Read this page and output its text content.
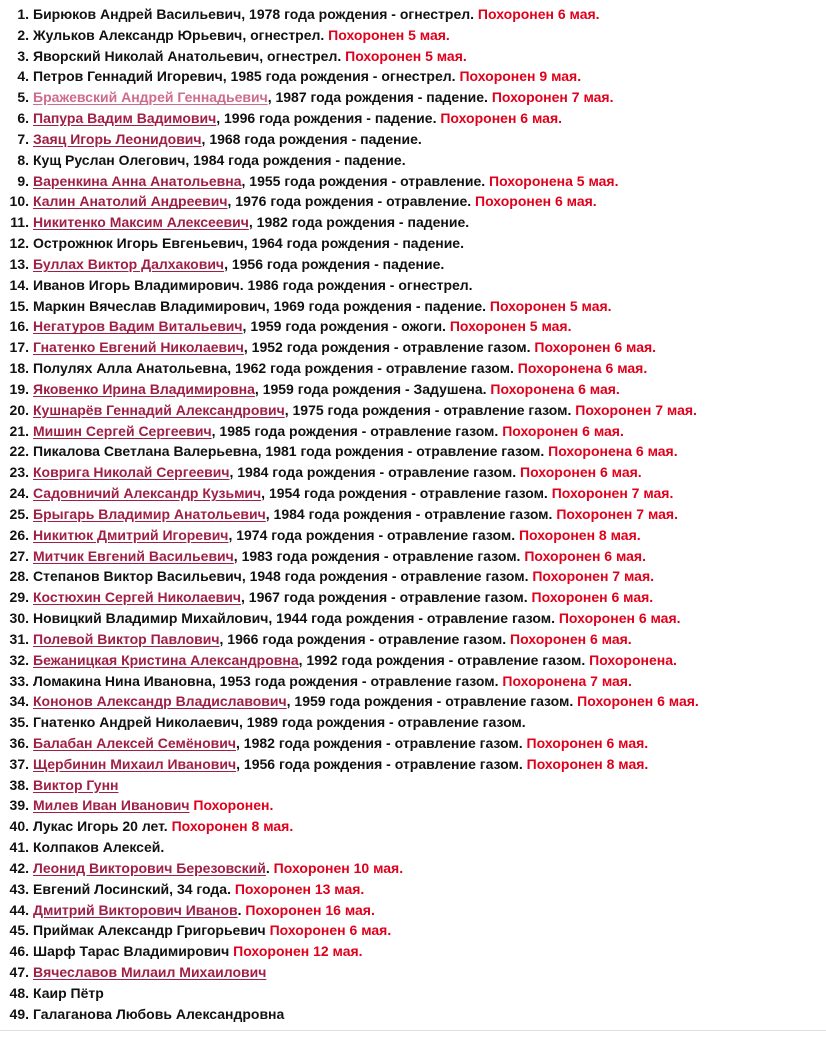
1. Бирюков Андрей Васильевич, 1978 года рождения - огнестрел. Похоронен 6 мая.
2. Жульков Александр Юрьевич, огнестрел. Похоронен 5 мая.
3. Яворский Николай Анатольевич, огнестрел. Похоронен 5 мая.
4. Петров Геннадий Игоревич, 1985 года рождения - огнестрел. Похоронен 9 мая.
5. Бражевский Андрей Геннадьевич, 1987 года рождения - падение. Похоронен 7 мая.
6. Папура Вадим Вадимович, 1996 года рождения - падение. Похоронен 6 мая.
7. Заяц Игорь Леонидович, 1968 года рождения - падение.
8. Кущ Руслан Олегович, 1984 года рождения - падение.
9. Варенкина Анна Анатольевна, 1955 года рождения - отравление. Похоронена 5 мая.
10. Калин Анатолий Андреевич, 1976 года рождения - отравление. Похоронен 6 мая.
11. Никитенко Максим Алексеевич, 1982 года рождения - падение.
12. Острожнюк Игорь Евгеньевич, 1964 года рождения - падение.
13. Буллах Виктор Далхакович, 1956 года рождения - падение.
14. Иванов Игорь Владимирович. 1986 года рождения - огнестрел.
15. Маркин Вячеслав Владимирович, 1969 года рождения - падение. Похоронен 5 мая.
16. Негатуров Вадим Витальевич, 1959 года рождения - ожоги. Похоронен 5 мая.
17. Гнатенко Евгений Николаевич, 1952 года рождения - отравление газом. Похоронен 6 мая.
18. Полулях Алла Анатольевна, 1962 года рождения - отравление газом. Похоронена 6 мая.
19. Яковенко Ирина Владимировна, 1959 года рождения - Задушена. Похоронена 6 мая.
20. Кушнарёв Геннадий Александрович, 1975 года рождения - отравление газом. Похоронен 7 мая.
21. Мишин Сергей Сергеевич, 1985 года рождения - отравление газом. Похоронен 6 мая.
22. Пикалова Светлана Валерьевна, 1981 года рождения - отравление газом. Похоронена 6 мая.
23. Коврига Николай Сергеевич, 1984 года рождения - отравление газом. Похоронен 6 мая.
24. Садовничий Александр Кузьмич, 1954 года рождения - отравление газом. Похоронен 7 мая.
25. Брыгарь Владимир Анатольевич, 1984 года рождения - отравление газом. Похоронен 7 мая.
26. Никитюк Дмитрий Игоревич, 1974 года рождения - отравление газом. Похоронен 8 мая.
27. Митчик Евгений Васильевич, 1983 года рождения - отравление газом. Похоронен 6 мая.
28. Степанов Виктор Васильевич, 1948 года рождения - отравление газом. Похоронен 7 мая.
29. Костюхин Сергей Николаевич, 1967 года рождения - отравление газом. Похоронен 6 мая.
30. Новицкий Владимир Михайлович, 1944 года рождения - отравление газом. Похоронен 6 мая.
31. Полевой Виктор Павлович, 1966 года рождения - отравление газом. Похоронен 6 мая.
32. Бежаницкая Кристина Александровна, 1992 года рождения - отравление газом. Похоронена.
33. Ломакина Нина Ивановна, 1953 года рождения - отравление газом. Похоронена 7 мая.
34. Кононов Александр Владиславович, 1959 года рождения - отравление газом. Похоронен 6 мая.
35. Гнатенко Андрей Николаевич, 1989 года рождения - отравление газом.
36. Балабан Алексей Семёнович, 1982 года рождения - отравление газом. Похоронен 6 мая.
37. Щербинин Михаил Иванович, 1956 года рождения - отравление газом. Похоронен 8 мая.
38. Виктор Гунн
39. Милев Иван Иванович Похоронен.
40. Лукас Игорь 20 лет. Похоронен 8 мая.
41. Колпаков Алексей.
42. Леонид Викторович Березовский. Похоронен 10 мая.
43. Евгений Лосинский, 34 года. Похоронен 13 мая.
44. Дмитрий Викторович Иванов. Похоронен 16 мая.
45. Приймак Александр Григорьевич Похоронен 6 мая.
46. Шарф Тарас Владимирович Похоронен 12 мая.
47. Вячеславов Милаил Михаилович
48. Каир Пётр
49. Галаганова Любовь Александровна
